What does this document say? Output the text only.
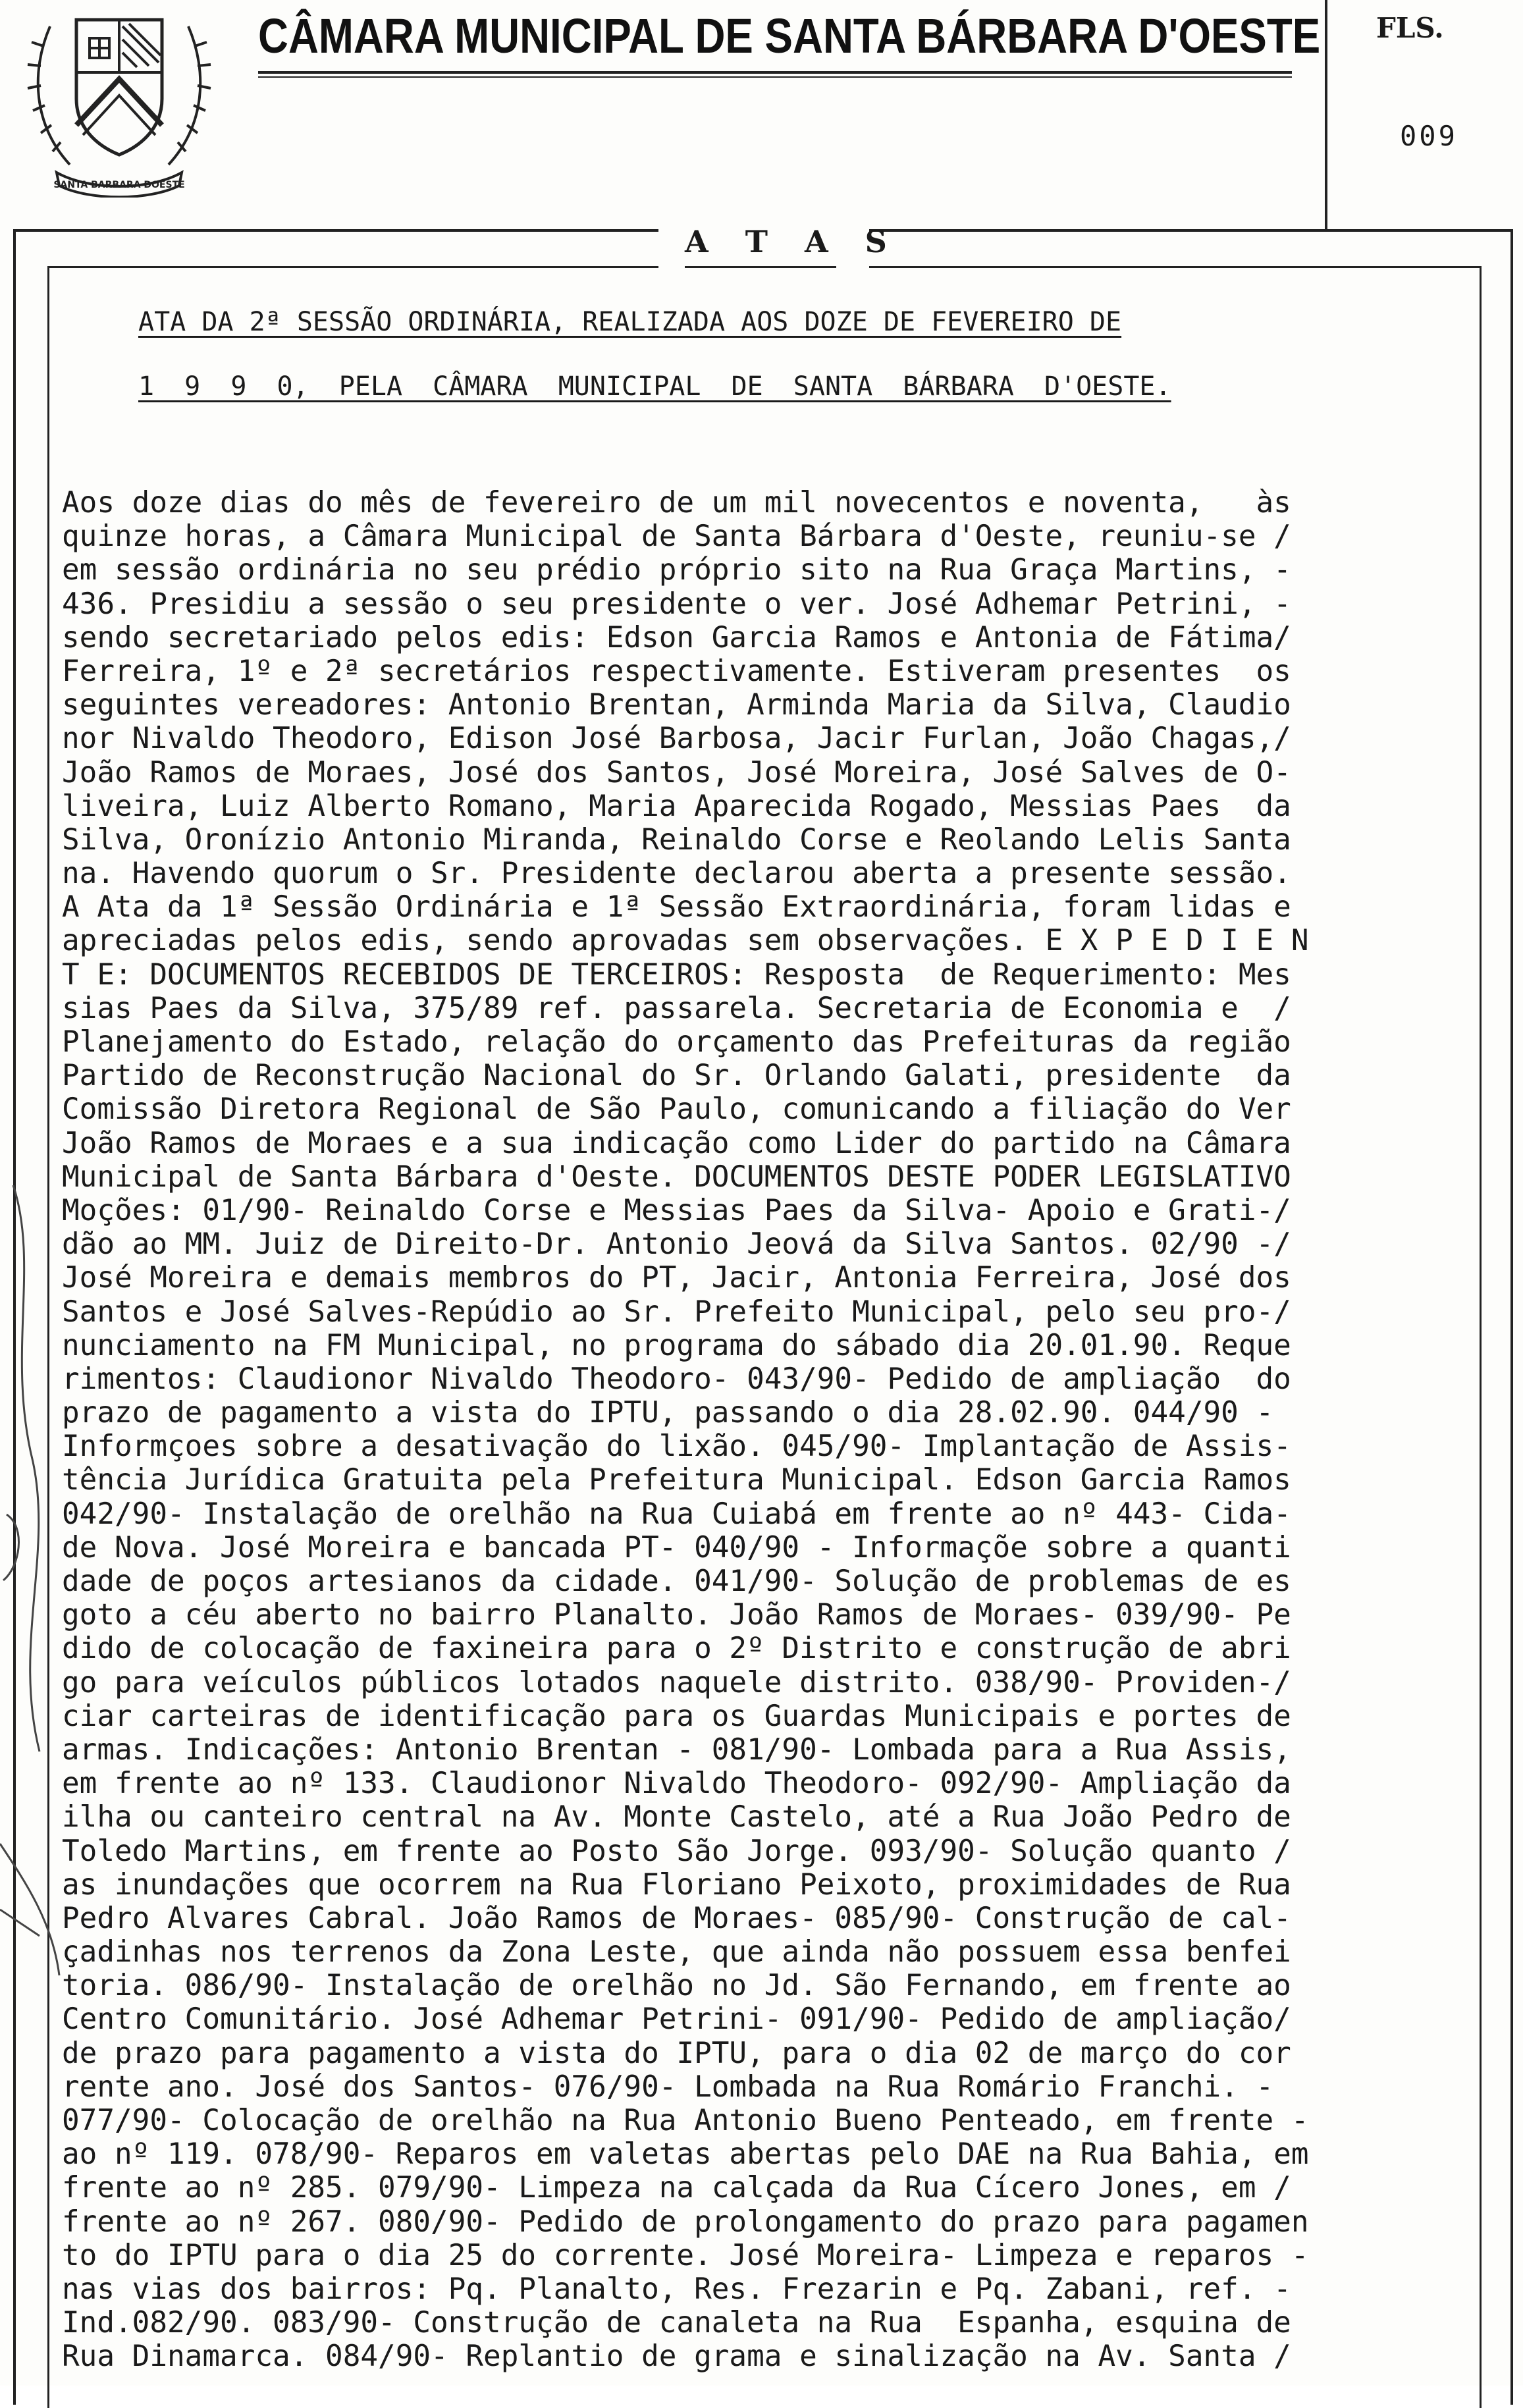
SANTA BARBARA DOESTE
CÂMARA MUNICIPAL DE SANTA BÁRBARA D'OESTE FLS.
009
A T A S
ATA DA 2ª SESSÃO ORDINÁRIA, REALIZADA AOS DOZE DE FEVEREIRO DE
1 9 9 0, PELA CÂMARA MUNICIPAL DE SANTA BÁRBARA D'OESTE.
Aos doze dias do mês de fevereiro de um mil novecentos e noventa,   às
quinze horas, a Câmara Municipal de Santa Bárbara d'Oeste, reuniu-se /
em sessão ordinária no seu prédio próprio sito na Rua Graça Martins, -
436. Presidiu a sessão o seu presidente o ver. José Adhemar Petrini, -
sendo secretariado pelos edis: Edson Garcia Ramos e Antonia de Fátima/
Ferreira, 1º e 2ª secretários respectivamente. Estiveram presentes  os
seguintes vereadores: Antonio Brentan, Arminda Maria da Silva, Claudio
nor Nivaldo Theodoro, Edison José Barbosa, Jacir Furlan, João Chagas,/
João Ramos de Moraes, José dos Santos, José Moreira, José Salves de O-
liveira, Luiz Alberto Romano, Maria Aparecida Rogado, Messias Paes  da
Silva, Oronízio Antonio Miranda, Reinaldo Corse e Reolando Lelis Santa
na. Havendo quorum o Sr. Presidente declarou aberta a presente sessão.
A Ata da 1ª Sessão Ordinária e 1ª Sessão Extraordinária, foram lidas e
apreciadas pelos edis, sendo aprovadas sem observações. E X P E D I E N
T E: DOCUMENTOS RECEBIDOS DE TERCEIROS: Resposta  de Requerimento: Mes
sias Paes da Silva, 375/89 ref. passarela. Secretaria de Economia e  /
Planejamento do Estado, relação do orçamento das Prefeituras da região
Partido de Reconstrução Nacional do Sr. Orlando Galati, presidente  da
Comissão Diretora Regional de São Paulo, comunicando a filiação do Ver
João Ramos de Moraes e a sua indicação como Lider do partido na Câmara
Municipal de Santa Bárbara d'Oeste. DOCUMENTOS DESTE PODER LEGISLATIVO
Moções: 01/90- Reinaldo Corse e Messias Paes da Silva- Apoio e Grati-/
dão ao MM. Juiz de Direito-Dr. Antonio Jeová da Silva Santos. 02/90 -/
José Moreira e demais membros do PT, Jacir, Antonia Ferreira, José dos
Santos e José Salves-Repúdio ao Sr. Prefeito Municipal, pelo seu pro-/
nunciamento na FM Municipal, no programa do sábado dia 20.01.90. Reque
rimentos: Claudionor Nivaldo Theodoro- 043/90- Pedido de ampliação  do
prazo de pagamento a vista do IPTU, passando o dia 28.02.90. 044/90 -
Informçoes sobre a desativação do lixão. 045/90- Implantação de Assis-
tência Jurídica Gratuita pela Prefeitura Municipal. Edson Garcia Ramos
042/90- Instalação de orelhão na Rua Cuiabá em frente ao nº 443- Cida-
de Nova. José Moreira e bancada PT- 040/90 - Informaçõe sobre a quanti
dade de poços artesianos da cidade. 041/90- Solução de problemas de es
goto a céu aberto no bairro Planalto. João Ramos de Moraes- 039/90- Pe
dido de colocação de faxineira para o 2º Distrito e construção de abri
go para veículos públicos lotados naquele distrito. 038/90- Providen-/
ciar carteiras de identificação para os Guardas Municipais e portes de
armas. Indicações: Antonio Brentan - 081/90- Lombada para a Rua Assis,
em frente ao nº 133. Claudionor Nivaldo Theodoro- 092/90- Ampliação da
ilha ou canteiro central na Av. Monte Castelo, até a Rua João Pedro de
Toledo Martins, em frente ao Posto São Jorge. 093/90- Solução quanto /
as inundações que ocorrem na Rua Floriano Peixoto, proximidades de Rua
Pedro Alvares Cabral. João Ramos de Moraes- 085/90- Construção de cal-
çadinhas nos terrenos da Zona Leste, que ainda não possuem essa benfei
toria. 086/90- Instalação de orelhão no Jd. São Fernando, em frente ao
Centro Comunitário. José Adhemar Petrini- 091/90- Pedido de ampliação/
de prazo para pagamento a vista do IPTU, para o dia 02 de março do cor
rente ano. José dos Santos- 076/90- Lombada na Rua Romário Franchi. -
077/90- Colocação de orelhão na Rua Antonio Bueno Penteado, em frente -
ao nº 119. 078/90- Reparos em valetas abertas pelo DAE na Rua Bahia, em
frente ao nº 285. 079/90- Limpeza na calçada da Rua Cícero Jones, em /
frente ao nº 267. 080/90- Pedido de prolongamento do prazo para pagamen
to do IPTU para o dia 25 do corrente. José Moreira- Limpeza e reparos -
nas vias dos bairros: Pq. Planalto, Res. Frezarin e Pq. Zabani, ref. -
Ind.082/90. 083/90- Construção de canaleta na Rua  Espanha, esquina de
Rua Dinamarca. 084/90- Replantio de grama e sinalização na Av. Santa /
